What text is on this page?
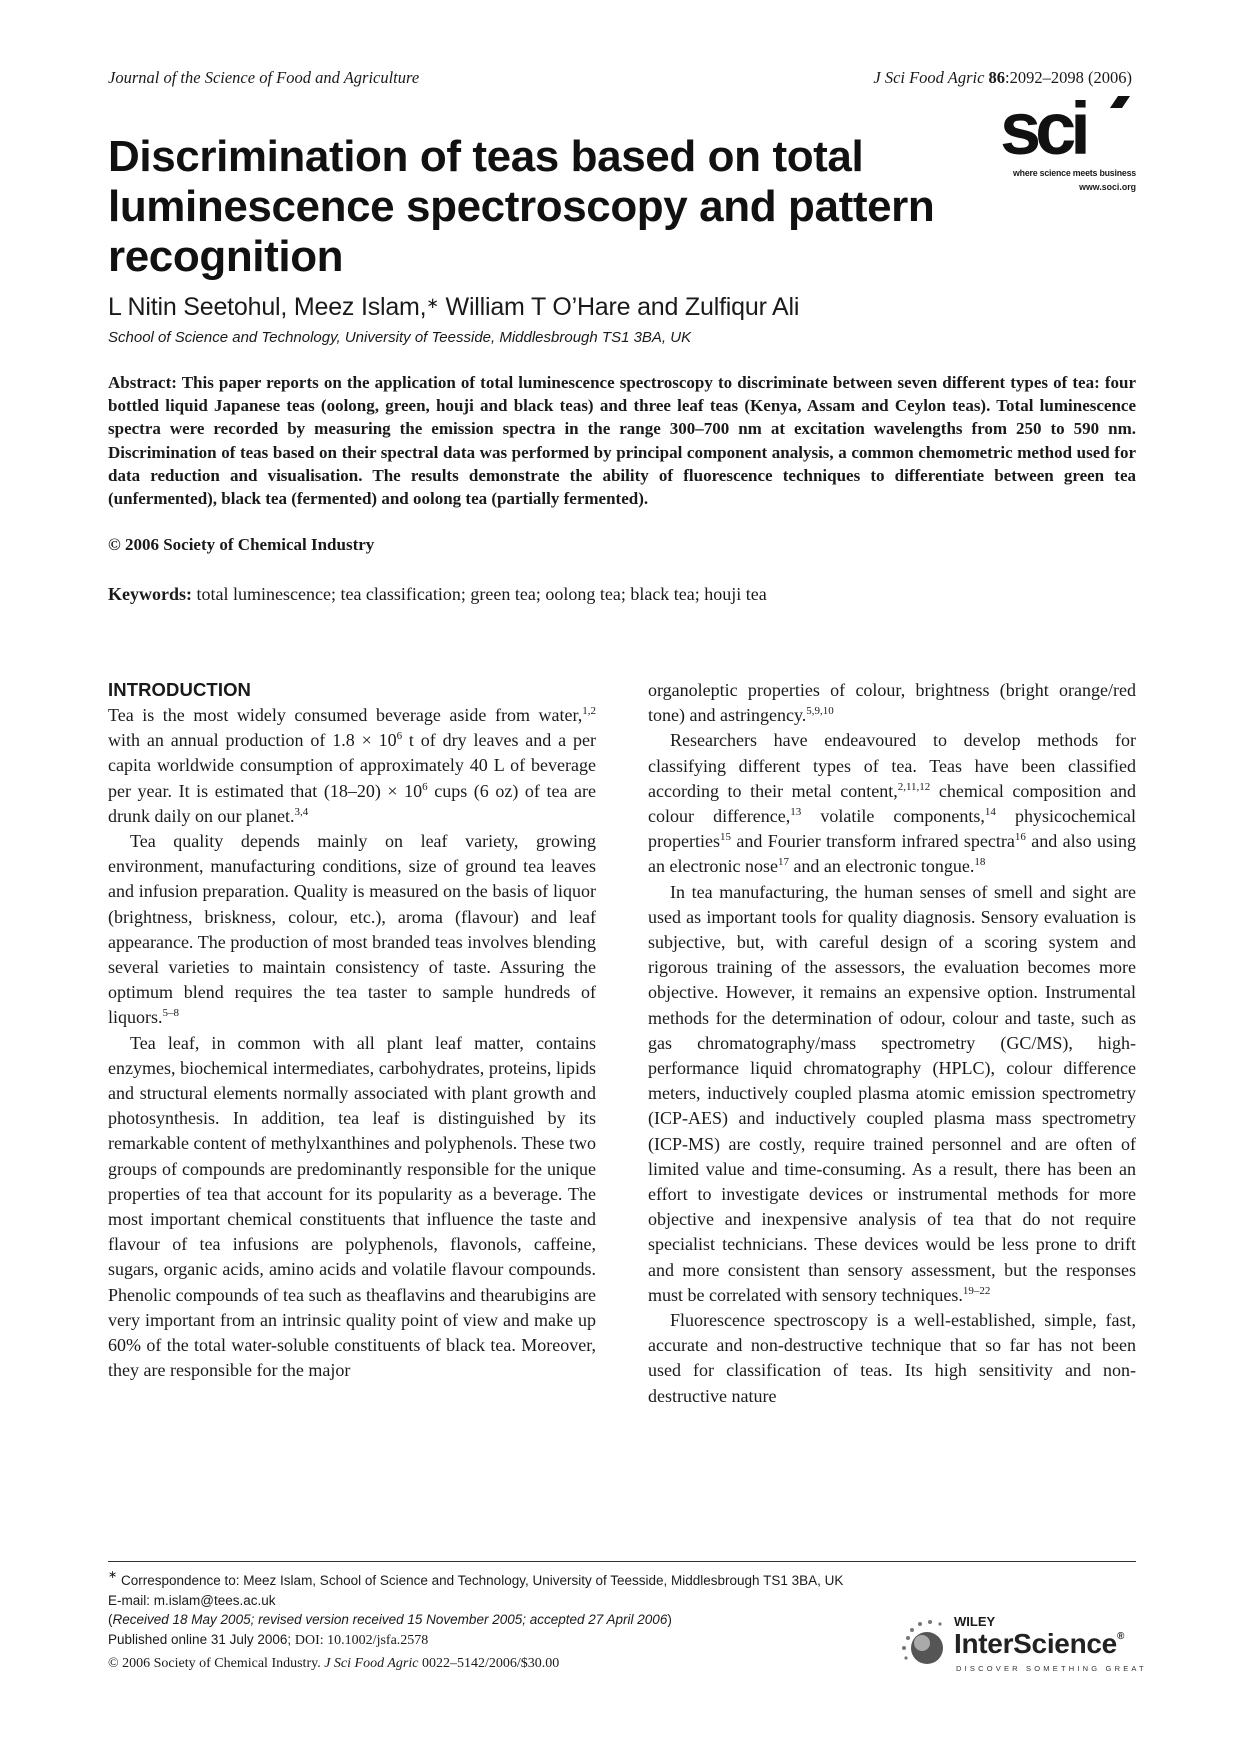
Journal of the Science of Food and Agriculture	J Sci Food Agric 86:2092–2098 (2006)
sci
where science meets business
www.soci.org
Discrimination of teas based on total luminescence spectroscopy and pattern recognition
L Nitin Seetohul, Meez Islam,∗ William T O’Hare and Zulfiqur Ali
School of Science and Technology, University of Teesside, Middlesbrough TS1 3BA, UK

Abstract: This paper reports on the application of total luminescence spectroscopy to discriminate between seven different types of tea: four bottled liquid Japanese teas (oolong, green, houji and black teas) and three leaf teas (Kenya, Assam and Ceylon teas). Total luminescence spectra were recorded by measuring the emission spectra in the range 300–700 nm at excitation wavelengths from 250 to 590 nm. Discrimination of teas based on their spectral data was performed by principal component analysis, a common chemometric method used for data reduction and visualisation. The results demonstrate the ability of fluorescence techniques to differentiate between green tea (unfermented), black tea (fermented) and oolong tea (partially fermented).

© 2006 Society of Chemical Industry
Keywords: total luminescence; tea classification; green tea; oolong tea; black tea; houji tea
INTRODUCTION

Tea is the most widely consumed beverage aside from water,$^{1,2}$ with an annual production of $1.8 \times 10^6$ t of dry leaves and a per capita worldwide consumption of approximately 40 L of beverage per year. It is estimated that $(18-20) \times 10^6$ cups (6 oz) of tea are drunk daily on our planet.$^{3,4}$

Tea quality depends mainly on leaf variety, growing environment, manufacturing conditions, size of ground tea leaves and infusion preparation. Quality is measured on the basis of liquor (brightness, briskness, colour, etc.), aroma (flavour) and leaf appearance. The production of most branded teas involves blending several varieties to maintain consistency of taste. Assuring the optimum blend requires the tea taster to sample hundreds of liquors.$^{5-8}$

Tea leaf, in common with all plant leaf matter, contains enzymes, biochemical intermediates, carbohydrates, proteins, lipids and structural elements normally associated with plant growth and photosynthesis. In addition, tea leaf is distinguished by its remarkable content of methylxanthines and polyphenols. These two groups of compounds are predominantly responsible for the unique properties of tea that account for its popularity as a beverage. The most important chemical constituents that influence the taste and flavour of tea infusions are polyphenols, flavonols, caffeine, sugars, organic acids, amino acids and volatile flavour compounds. Phenolic compounds of tea such as theaflavins and thearubigins are very important from an intrinsic quality point of view and make up 60% of the total water-soluble constituents of black tea. Moreover, they are responsible for the major

organoleptic properties of colour, brightness (bright orange/red tone) and astringency.$^{5,9,10}$

Researchers have endeavoured to develop methods for classifying different types of tea. Teas have been classified according to their metal content,$^{2,11,12}$ chemical composition and colour difference,$^{13}$ volatile components,$^{14}$ physicochemical properties$^{15}$ and Fourier transform infrared spectra$^{16}$ and also using an electronic nose$^{17}$ and an electronic tongue.$^{18}$

In tea manufacturing, the human senses of smell and sight are used as important tools for quality diagnosis. Sensory evaluation is subjective, but, with careful design of a scoring system and rigorous training of the assessors, the evaluation becomes more objective. However, it remains an expensive option. Instrumental methods for the determination of odour, colour and taste, such as gas chromatography/mass spectrometry (GC/MS), high-performance liquid chromatography (HPLC), colour difference meters, inductively coupled plasma atomic emission spectrometry (ICP-AES) and inductively coupled plasma mass spectrometry (ICP-MS) are costly, require trained personnel and are often of limited value and time-consuming. As a result, there has been an effort to investigate devices or instrumental methods for more objective and inexpensive analysis of tea that do not require specialist technicians. These devices would be less prone to drift and more consistent than sensory assessment, but the responses must be correlated with sensory techniques.$^{19-22}$

Fluorescence spectroscopy is a well-established, simple, fast, accurate and non-destructive technique that so far has not been used for classification of teas. Its high sensitivity and non-destructive nature

∗ Correspondence to: Meez Islam, School of Science and Technology, University of Teesside, Middlesbrough TS1 3BA, UK
E-mail: m.islam@tees.ac.uk
(Received 18 May 2005; revised version received 15 November 2005; accepted 27 April 2006)
Published online 31 July 2006; DOI: 10.1002/jsfa.2578
© 2006 Society of Chemical Industry. J Sci Food Agric 0022–5142/2006/$30.00
WILEY
InterScience®
DISCOVER SOMETHING GREAT
